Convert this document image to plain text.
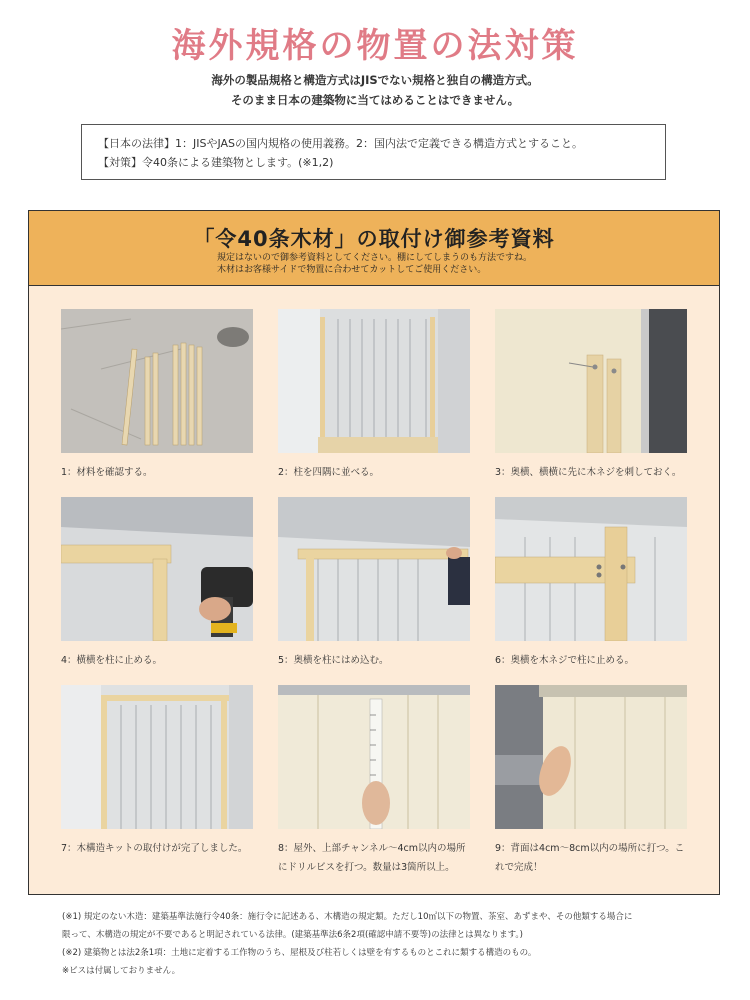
海外規格の物置の法対策
海外の製品規格と構造方式はJISでない規格と独自の構造方式。
そのまま日本の建築物に当てはめることはできません。
【日本の法律】1：JISやJASの国内規格の使用義務。2：国内法で定義できる構造方式とすること。
【対策】令40条による建築物とします。(※1,2)
「令40条木材」の取付け御参考資料
規定はないので御参考資料としてください。棚にしてしまうのも方法ですね。
木材はお客様サイドで物置に合わせてカットしてご使用ください。
1：材料を確認する。	2：柱を四隅に並べる。	3：奥横、横横に先に木ネジを刺しておく。
4：横横を柱に止める。	5：奥横を柱にはめ込む。	6：奥横を木ネジで柱に止める。
7：木構造キットの取付けが完了しました。	8：屋外、上部チャンネル～4cm以内の場所にドリルビスを打つ。数量は3箇所以上。
9：背面は4cm～8cm以内の場所に打つ。これで完成！
(※1) 規定のない木造：建築基準法施行令40条：施行令に記述ある、木構造の規定類。ただし10㎡以下の物置、茶室、あずまや、その他類する場合に
限って、木構造の規定が不要であると明記されている法律。(建築基準法6条2項(確認申請不要等)の法律とは異なります。)
(※2) 建築物とは法2条1項：土地に定着する工作物のうち、屋根及び柱若しくは壁を有するものとこれに類する構造のもの。
※ビスは付属しておりません。
